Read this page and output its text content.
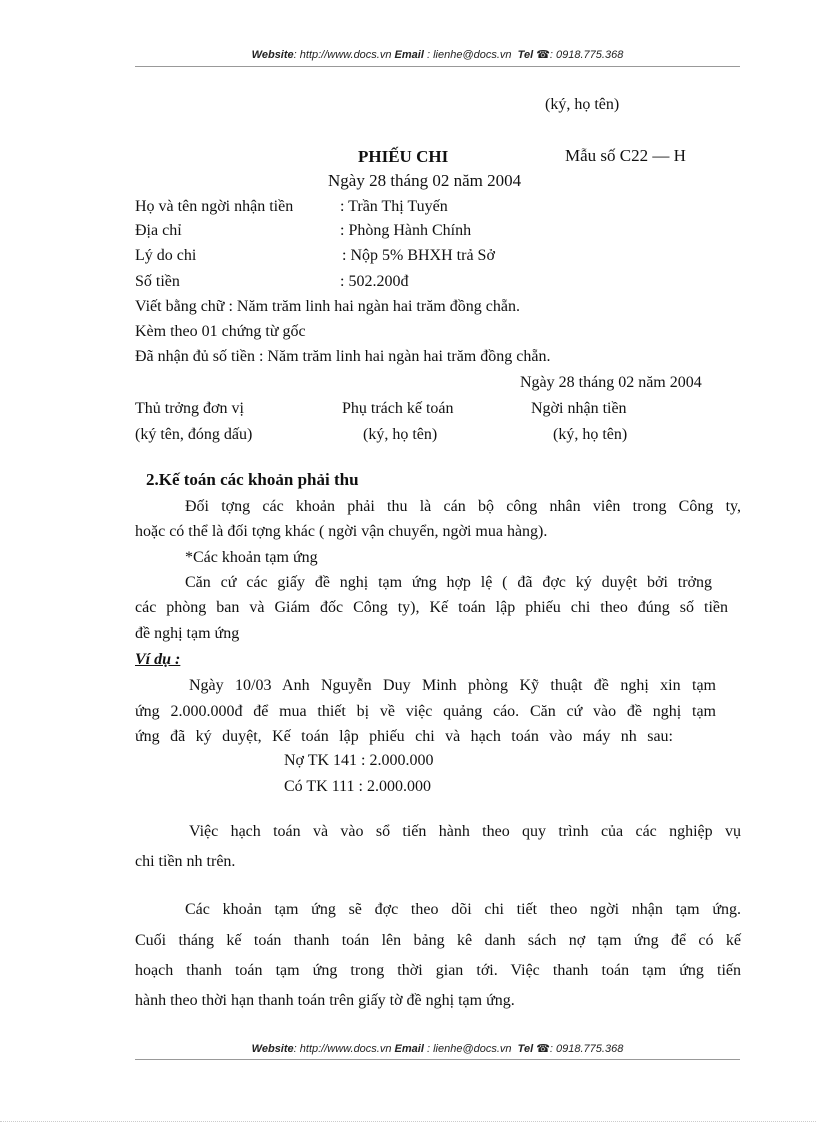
Website: http://www.docs.vn Email : lienhe@docs.vn Tel ☎: 0918.775.368
(ký, họ tên)
PHIẾU CHI	Mẫu số C22 — H
Ngày 28 tháng 02 năm 2004
Họ và tên ngời nhận tiền	: Trần Thị Tuyến
Địa chỉ	: Phòng Hành Chính
Lý do chi	: Nộp 5% BHXH trả Sở
Số tiền	: 502.200đ
Viết bằng chữ : Năm trăm linh hai ngàn hai trăm đồng chẵn.
Kèm theo 01 chứng từ gốc
Đã nhận đủ số tiền : Năm trăm linh hai ngàn hai trăm đồng chẵn.
Ngày 28 tháng 02 năm 2004
Thủ trởng đơn vị	Phụ trách kế toán	Ngời nhận tiền
(ký tên, đóng dấu)	(ký, họ tên)	(ký, họ tên)
2.Kế toán các khoản phải thu
Đối tợng các khoản phải thu là cán bộ công nhân viên trong Công ty,
hoặc có thể là đối tợng khác ( ngời vận chuyển, ngời mua hàng).
*Các khoản tạm ứng
Căn cứ các giấy đề nghị tạm ứng hợp lệ ( đã đợc ký duyệt bởi trởng
các phòng ban và Giám đốc Công ty), Kế toán lập phiếu chi theo đúng số tiền
đề nghị tạm ứng
Ví dụ :
Ngày 10/03 Anh Nguyễn Duy Minh phòng Kỹ thuật đề nghị xin tạm
ứng 2.000.000đ để mua thiết bị về việc quảng cáo. Căn cứ vào đề nghị tạm
ứng đã ký duyệt, Kế toán lập phiếu chi và hạch toán vào máy nh sau:
Nợ TK 141 : 2.000.000
Có TK 111 : 2.000.000
Việc hạch toán và vào sổ tiến hành theo quy trình của các nghiệp vụ
chi tiền nh trên.
Các khoản tạm ứng sẽ đợc theo dõi chi tiết theo ngời nhận tạm ứng.
Cuối tháng kế toán thanh toán lên bảng kê danh sách nợ tạm ứng để có kế
hoạch thanh toán tạm ứng trong thời gian tới. Việc thanh toán tạm ứng tiến
hành theo thời hạn thanh toán trên giấy tờ đề nghị tạm ứng.
Website: http://www.docs.vn Email : lienhe@docs.vn Tel ☎: 0918.775.368
